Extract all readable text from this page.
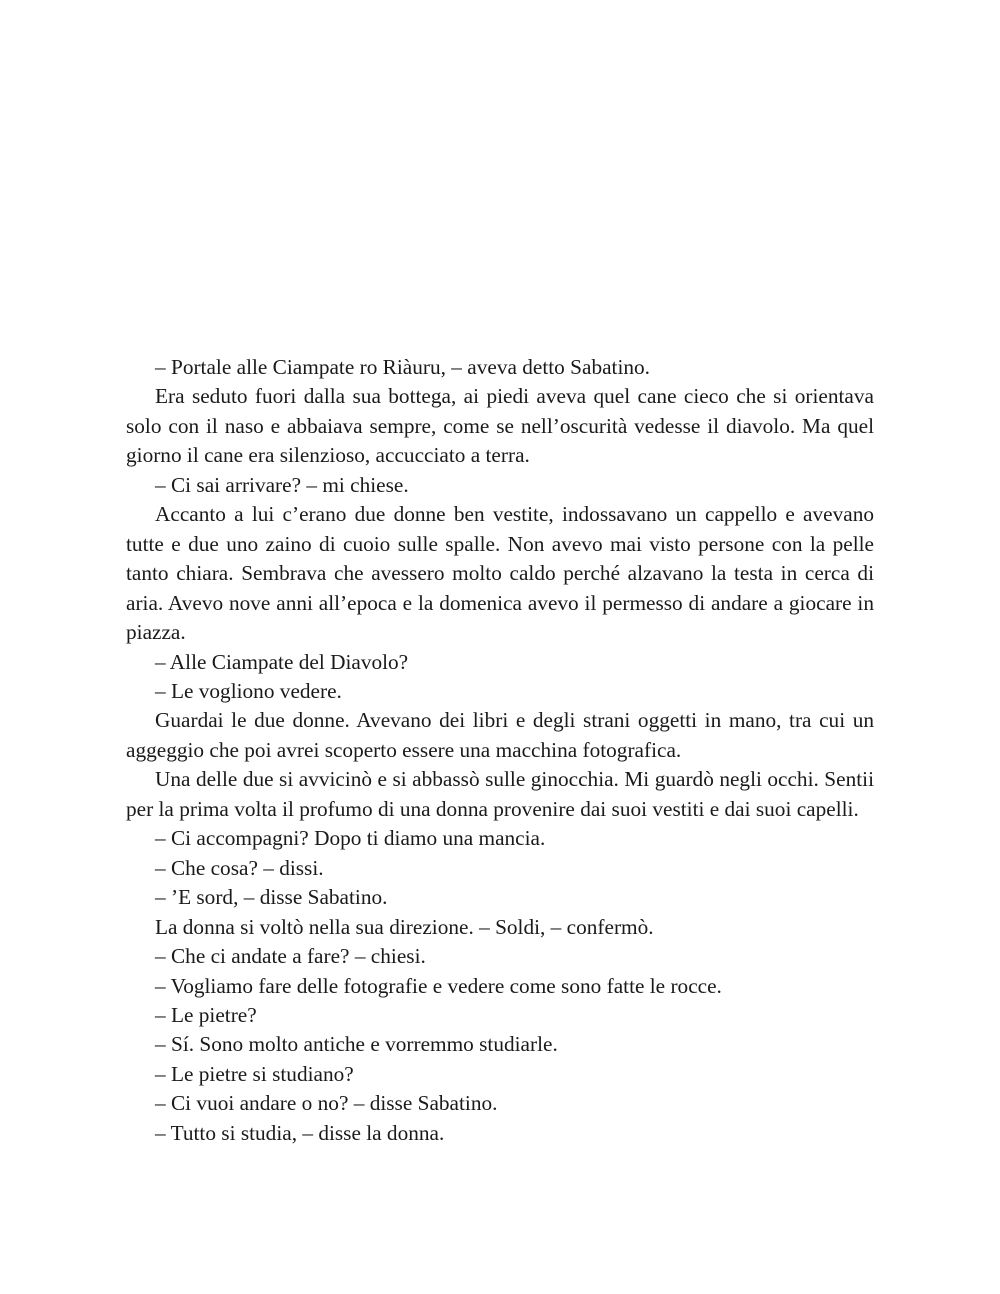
– Portale alle Ciampate ro Riàuru, – aveva detto Sabatino.

Era seduto fuori dalla sua bottega, ai piedi aveva quel cane cieco che si orientava solo con il naso e abbaiava sempre, come se nell’oscurità vedesse il diavolo. Ma quel giorno il cane era silenzioso, accucciato a terra.

– Ci sai arrivare? – mi chiese.

Accanto a lui c’erano due donne ben vestite, indossavano un cappello e avevano tutte e due uno zaino di cuoio sulle spalle. Non avevo mai visto persone con la pelle tanto chiara. Sembrava che avessero molto caldo perché alzavano la testa in cerca di aria. Avevo nove anni all’epoca e la domenica avevo il permesso di andare a giocare in piazza.

– Alle Ciampate del Diavolo?

– Le vogliono vedere.

Guardai le due donne. Avevano dei libri e degli strani oggetti in mano, tra cui un aggeggio che poi avrei scoperto essere una macchina fotografica.

Una delle due si avvicinò e si abbassò sulle ginocchia. Mi guardò negli occhi. Sentii per la prima volta il profumo di una donna provenire dai suoi vestiti e dai suoi capelli.

– Ci accompagni? Dopo ti diamo una mancia.

– Che cosa? – dissi.

– ’E sord, – disse Sabatino.

La donna si voltò nella sua direzione. – Soldi, – confermò.

– Che ci andate a fare? – chiesi.

– Vogliamo fare delle fotografie e vedere come sono fatte le rocce.

– Le pietre?

– Sí. Sono molto antiche e vorremmo studiarle.

– Le pietre si studiano?

– Ci vuoi andare o no? – disse Sabatino.

– Tutto si studia, – disse la donna.
